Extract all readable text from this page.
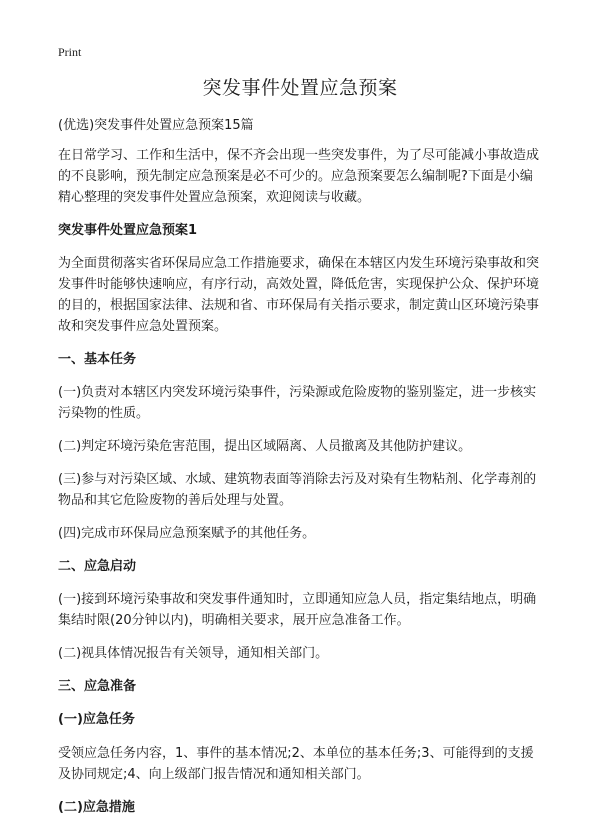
Print
突发事件处置应急预案

(优选)突发事件处置应急预案15篇

在日常学习、工作和生活中，保不齐会出现一些突发事件，为了尽可能减小事故造成的不良影响，预先制定应急预案是必不可少的。应急预案要怎么编制呢?下面是小编精心整理的突发事件处置应急预案，欢迎阅读与收藏。

突发事件处置应急预案1

为全面贯彻落实省环保局应急工作措施要求，确保在本辖区内发生环境污染事故和突发事件时能够快速响应，有序行动，高效处置，降低危害，实现保护公众、保护环境的目的，根据国家法律、法规和省、市环保局有关指示要求，制定黄山区环境污染事故和突发事件应急处置预案。

一、基本任务

(一)负责对本辖区内突发环境污染事件，污染源或危险废物的鉴别鉴定，进一步核实污染物的性质。

(二)判定环境污染危害范围，提出区域隔离、人员撤离及其他防护建议。

(三)参与对污染区域、水域、建筑物表面等消除去污及对染有生物粘剂、化学毒剂的物品和其它危险废物的善后处理与处置。

(四)完成市环保局应急预案赋予的其他任务。

二、应急启动

(一)接到环境污染事故和突发事件通知时，立即通知应急人员，指定集结地点，明确集结时限(20分钟以内)，明确相关要求，展开应急准备工作。

(二)视具体情况报告有关领导，通知相关部门。

三、应急准备
(一)应急任务

受领应急任务内容，1、事件的基本情况;2、本单位的基本任务;3、可能得到的支援及协同规定;4、向上级部门报告情况和通知相关部门。

(二)应急措施
